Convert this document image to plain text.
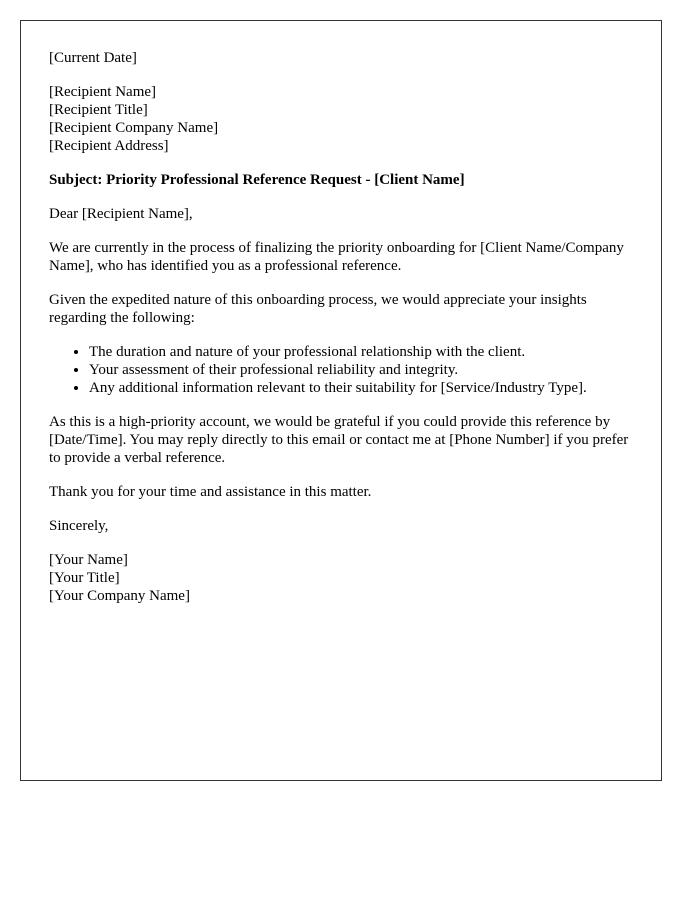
[Current Date]

[Recipient Name]
[Recipient Title]
[Recipient Company Name]
[Recipient Address]

Subject: Priority Professional Reference Request - [Client Name]

Dear [Recipient Name],

We are currently in the process of finalizing the priority onboarding for [Client Name/Company Name], who has identified you as a professional reference.

Given the expedited nature of this onboarding process, we would appreciate your insights regarding the following:

• The duration and nature of your professional relationship with the client.
• Your assessment of their professional reliability and integrity.
• Any additional information relevant to their suitability for [Service/Industry Type].

As this is a high-priority account, we would be grateful if you could provide this reference by [Date/Time]. You may reply directly to this email or contact me at [Phone Number] if you prefer to provide a verbal reference.

Thank you for your time and assistance in this matter.

Sincerely,

[Your Name]
[Your Title]
[Your Company Name]
